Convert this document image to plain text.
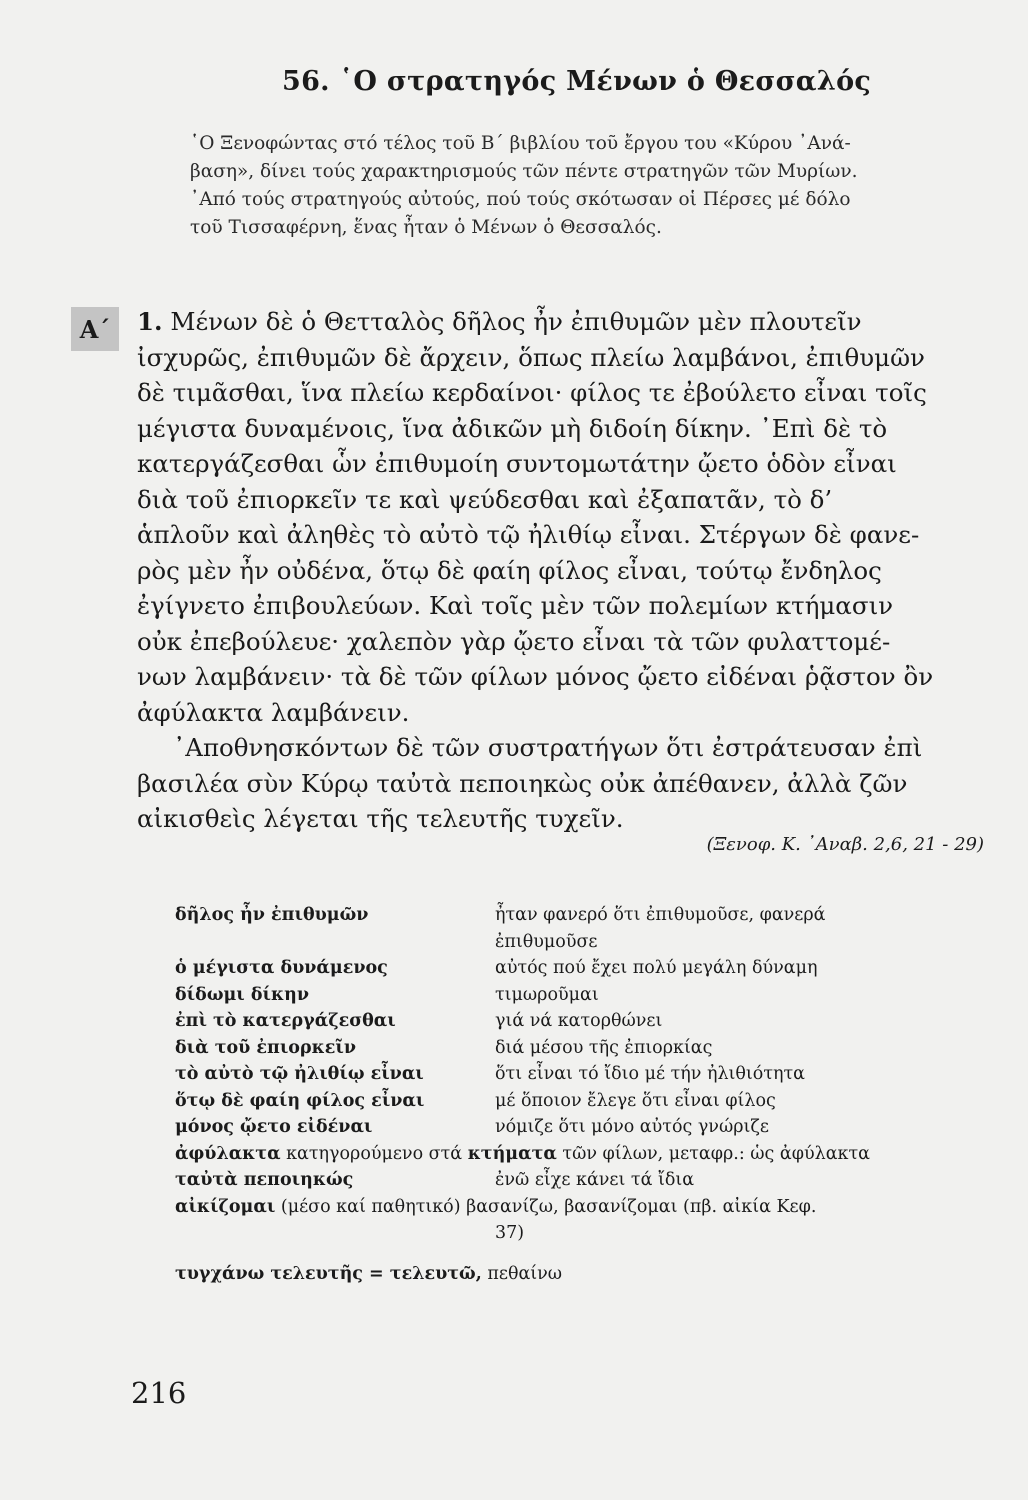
56. ῾Ο στρατηγός Μένων ὁ Θεσσαλός
῾Ο Ξενοφώντας στό τέλος τοῦ Β΄ βιβλίου τοῦ ἔργου του «Κύρου ᾿Ανά-
βαση», δίνει τούς χαρακτηρισμούς τῶν πέντε στρατηγῶν τῶν Μυρίων.
᾿Από τούς στρατηγούς αὐτούς, πού τούς σκότωσαν οἱ Πέρσες μέ δόλο
τοῦ Τισσαφέρνη, ἕνας ἦταν ὁ Μένων ὁ Θεσσαλός.
Α΄	1. Μένων δὲ ὁ Θετταλὸς δῆλος ἦν ἐπιθυμῶν μὲν πλουτεῖν
ἰσχυρῶς, ἐπιθυμῶν δὲ ἄρχειν, ὅπως πλείω λαμβάνοι, ἐπιθυμῶν
δὲ τιμᾶσθαι, ἵνα πλείω κερδαίνοι· φίλος τε ἐβούλετο εἶναι τοῖς
μέγιστα δυναμένοις, ἵνα ἀδικῶν μὴ διδοίη δίκην. ᾿Επὶ δὲ τὸ
κατεργάζεσθαι ὧν ἐπιθυμοίη συντομωτάτην ᾤετο ὁδὸν εἶναι
διὰ τοῦ ἐπιορκεῖν τε καὶ ψεύδεσθαι καὶ ἐξαπατᾶν, τὸ δ’
ἁπλοῦν καὶ ἀληθὲς τὸ αὐτὸ τῷ ἠλιθίῳ εἶναι. Στέργων δὲ φανε-
ρὸς μὲν ἦν οὐδένα, ὅτῳ δὲ φαίη φίλος εἶναι, τούτῳ ἔνδηλος
ἐγίγνετο ἐπιβουλεύων. Καὶ τοῖς μὲν τῶν πολεμίων κτήμασιν
οὐκ ἐπεβούλευε· χαλεπὸν γὰρ ᾤετο εἶναι τὰ τῶν φυλαττομέ-
νων λαμβάνειν· τὰ δὲ τῶν φίλων μόνος ᾤετο εἰδέναι ῥᾷστον ὂν
ἀφύλακτα λαμβάνειν.
᾿Αποθνησκόντων δὲ τῶν συστρατήγων ὅτι ἐστράτευσαν ἐπὶ
βασιλέα σὺν Κύρῳ ταὐτὰ πεποιηκὼς οὐκ ἀπέθανεν, ἀλλὰ ζῶν
αἰκισθεὶς λέγεται τῆς τελευτῆς τυχεῖν.
(Ξενοφ. Κ. ᾿Αναβ. 2,6, 21 - 29)
δῆλος ἦν ἐπιθυμῶν	ἦταν φανερό ὅτι ἐπιθυμοῦσε, φανερά
ἐπιθυμοῦσε
ὁ μέγιστα δυνάμενος	αὐτός πού ἔχει πολύ μεγάλη δύναμη
δίδωμι δίκην	τιμωροῦμαι
ἐπὶ τὸ κατεργάζεσθαι	γιά νά κατορθώνει
διὰ τοῦ ἐπιορκεῖν	διά μέσου τῆς ἐπιορκίας
τὸ αὐτὸ τῷ ἠλιθίῳ εἶναι	ὅτι εἶναι τό ἴδιο μέ τήν ἠλιθιότητα
ὅτῳ δὲ φαίη φίλος εἶναι	μέ ὅποιον ἔλεγε ὅτι εἶναι φίλος
μόνος ᾤετο εἰδέναι	νόμιζε ὅτι μόνο αὐτός γνώριζε
ἀφύλακτα κατηγορούμενο στά κτήματα τῶν φίλων, μεταφρ.: ὡς ἀφύλακτα
ταὐτὰ πεποιηκώς	ἐνῶ εἶχε κάνει τά ἴδια
αἰκίζομαι (μέσο καί παθητικό) βασανίζω, βασανίζομαι (πβ. αἰκία Κεφ.
37)
τυγχάνω τελευτῆς = τελευτῶ, πεθαίνω
216
